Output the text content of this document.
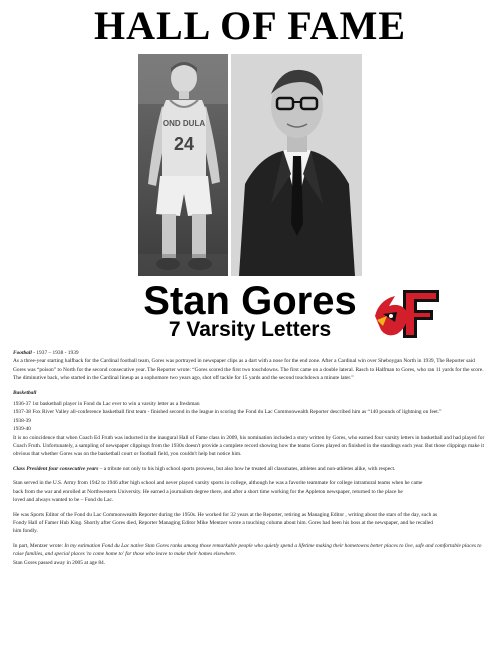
HALL OF FAME
OND DULA
24
Stan Gores
7 Varsity Letters

Football - 1937 – 1938 - 1939

As a three-year starting halfback for the Cardinal football team, Gores was portrayed in newspaper clips as a dart with a nose for the end zone. After a Cardinal win over Sheboygan North in 1939, The Reporter said Gores was “poison” to North for the second consecutive year. The Reporter wrote: “Gores scored the first two touchdowns. The first came on a double lateral. Rasch to Halfman to Gores, who ran 11 yards for the score. The diminutive back, who started in the Cardinal lineup as a sophomore two years ago, shot off tackle for 15 yards and the second touchdown a minute later.”

Basketball

1936-37 1st basketball player in Fond du Lac ever to win a varsity letter as a freshman

1937-38 Fox River Valley all-conference basketball first team - finished second in the league in scoring the Fond du Lac Commonwealth Reporter described him as “140 pounds of lightning on feet.”

1938-39

1939-40

It is no coincidence that when Coach Ed Fruth was inducted in the inaugural Hall of Fame class in 2009, his nomination included a story written by Gores, who earned four varsity letters in basketball and had played for Coach Fruth. Unfortunately, a sampling of newspaper clippings from the 1930s doesn't provide a complete record showing how the teams Gores played on finished in the standings each year. But those clippings make it obvious that whether Gores was on the basketball court or football field, you couldn't help but notice him.

Class President four consecutive years – a tribute not only to his high school sports prowess, but also how he treated all classmates, athletes and non-athletes alike, with respect.

Stan served in the U.S. Army from 1942 to 1946 after high school and never played varsity sports in college, although he was a favorite teammate for college intramural teams when he came

back from the war and enrolled at Northwestern University. He earned a journalism degree there, and after a short time working for the Appleton newspaper, returned to the place he

loved and always wanted to be – Fond du Lac.

He was Sports Editor of the Fond du Lac Commonwealth Reporter during the 1950s. He worked for 32 years at the Reporter, retiring as Managing Editor , writing about the stars of the day, such as

Fondy Hall of Famer Hub King. Shortly after Gores died, Reporter Managing Editor Mike Mentzer wrote a touching column about him. Gores had been his boss at the newspaper, and he recalled

him fondly.

In part, Mentzer wrote: In my estimation Fond du Lac native Stan Gores ranks among those remarkable people who quietly spend a lifetime making their hometowns better places to live, safe and comfortable places to raise families, and special places 'to come home to' for those who leave to make their homes elsewhere.

Stan Gores passed away in 2005 at age 84.
